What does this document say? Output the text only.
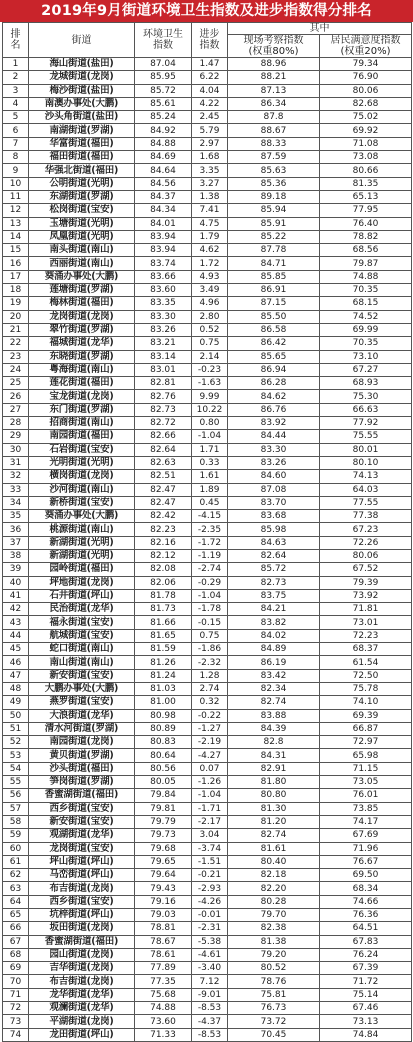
2019年9月街道环境卫生指数及进步指数得分排名
排
名	街道	环境卫生
指数	进步
指数	其中	

				现场考察指数
(权重80%)	居民满意度指数
(权重20%)

1	海山街道(盐田)	87.04	1.47	88.96	79.34
2	龙城街道(龙岗)	85.95	6.22	88.21	76.90
3	梅沙街道(盐田)	85.72	4.04	87.13	80.06
4	南澳办事处(大鹏)	85.61	4.22	86.34	82.68
5	沙头角街道(盐田)	85.24	2.45	87.8	75.02
6	南湖街道(罗湖)	84.92	5.79	88.67	69.92
7	华富街道(福田)	84.88	2.97	88.33	71.08
8	福田街道(福田)	84.69	1.68	87.59	73.08
9	华强北街道(福田)	84.64	3.35	85.63	80.66
10	公明街道(光明)	84.56	3.27	85.36	81.35
11	东湖街道(罗湖)	84.37	1.38	89.18	65.13
12	松岗街道(宝安)	84.34	7.41	85.94	77.95
13	玉塘街道(光明)	84.01	4.75	85.91	76.40
14	凤凰街道(光明)	83.94	1.79	85.22	78.82
15	南头街道(南山)	83.94	4.62	87.78	68.56
16	西丽街道(南山)	83.74	1.72	84.71	79.87
17	葵涌办事处(大鹏)	83.66	4.93	85.85	74.88
18	莲塘街道(罗湖)	83.60	3.49	86.91	70.35
19	梅林街道(福田)	83.35	4.96	87.15	68.15
20	龙岗街道(龙岗)	83.30	2.80	85.50	74.52
21	翠竹街道(罗湖)	83.26	0.52	86.58	69.99
22	福城街道(龙华)	83.21	0.75	86.42	70.35
23	东晓街道(罗湖)	83.14	2.14	85.65	73.10
24	粤海街道(南山)	83.01	-0.23	86.94	67.27
25	莲花街道(福田)	82.81	-1.63	86.28	68.93
26	宝龙街道(龙岗)	82.76	9.99	84.62	75.30
27	东门街道(罗湖)	82.73	10.22	86.76	66.63
28	招商街道(南山)	82.72	0.80	83.92	77.92
29	南园街道(福田)	82.66	-1.04	84.44	75.55
30	石岩街道(宝安)	82.64	1.71	83.30	80.01
31	光明街道(光明)	82.63	0.33	83.26	80.10
32	横岗街道(龙岗)	82.51	1.61	84.60	74.13
33	沙河街道(南山)	82.47	1.89	87.08	64.03
34	新桥街道(宝安)	82.47	0.45	83.70	77.55
35	葵涌办事处(大鹏)	82.42	-4.15	83.68	77.38
36	桃源街道(南山)	82.23	-2.35	85.98	67.23
37	新湖街道(光明)	82.16	-1.72	84.63	72.26
38	新湖街道(光明)	82.12	-1.19	82.64	80.06
39	园岭街道(福田)	82.08	-2.74	85.72	67.52
40	坪地街道(龙岗)	82.06	-0.29	82.73	79.39
41	石井街道(坪山)	81.78	-1.04	83.75	73.92
42	民治街道(龙华)	81.73	-1.78	84.21	71.81
43	福永街道(宝安)	81.66	-0.15	83.82	73.01
44	航城街道(宝安)	81.65	0.75	84.02	72.23
45	蛇口街道(南山)	81.59	-1.86	84.89	68.37
46	南山街道(南山)	81.26	-2.32	86.19	61.54
47	新安街道(宝安)	81.24	1.28	83.42	72.50
48	大鹏办事处(大鹏)	81.03	2.74	82.34	75.78
49	燕罗街道(宝安)	81.00	0.32	82.74	74.10
50	大浪街道(龙华)	80.98	-0.22	83.88	69.39
51	清水河街道(罗湖)	80.89	-1.27	84.39	66.87
52	南园街道(龙岗)	80.83	-2.19	82.8	72.97
53	黄贝街道(罗湖)	80.64	-4.27	84.31	65.98
54	沙头街道(福田)	80.56	0.07	82.91	71.15
55	笋岗街道(罗湖)	80.05	-1.26	81.80	73.05
56	香蜜湖街道(福田)	79.84	-1.04	80.80	76.01
57	西乡街道(宝安)	79.81	-1.71	81.30	73.85
58	新安街道(宝安)	79.79	-2.17	81.20	74.17
59	观湖街道(龙华)	79.73	3.04	82.74	67.69
60	龙岗街道(宝安)	79.68	-3.74	81.61	71.96
61	坪山街道(坪山)	79.65	-1.51	80.40	76.67
62	马峦街道(坪山)	79.64	-0.21	82.18	69.50
63	布吉街道(龙岗)	79.43	-2.93	82.20	68.34
64	西乡街道(宝安)	79.16	-4.26	80.28	74.66
65	坑梓街道(坪山)	79.03	-0.01	79.70	76.36
66	坂田街道(龙岗)	78.81	-2.31	82.38	64.51
67	香蜜湖街道(福田)	78.67	-5.38	81.38	67.83
68	园山街道(龙岗)	78.61	-4.61	79.20	76.24
69	吉华街道(龙岗)	77.89	-3.40	80.52	67.39
70	布吉街道(龙岗)	77.35	7.12	78.76	71.72
71	龙华街道(龙华)	75.68	-9.01	75.81	75.14
72	观澜街道(龙华)	74.88	-8.53	76.73	67.46
73	平湖街道(龙岗)	73.60	-4.37	73.72	73.13
74	龙田街道(坪山)	71.33	-8.53	70.45	74.84
